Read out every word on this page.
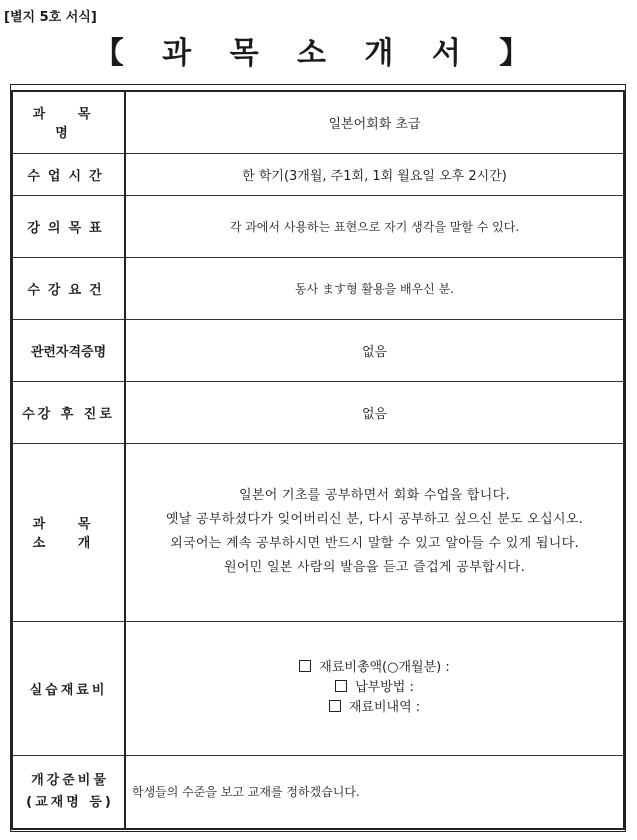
[별지 5호 서식]
【 과 목 소 개 서 】
과 목 명	일본어회화 초급
수업시간	한 학기(3개월, 주1회, 1회 월요일 오후 2시간)
강의목표	각 과에서 사용하는 표현으로 자기 생각을 말할 수 있다.
수강요건	동사 ます형 활용을 배우신 분.
관련자격증명	없음
수강 후 진로	없음
과 목 소 개	일본어 기초를 공부하면서 회화 수업을 합니다.
옛날 공부하셨다가 잊어버리신 분, 다시 공부하고 싶으신 분도 오십시오.
외국어는 계속 공부하시면 반드시 말할 수 있고 알아들 수 있게 됩니다.
원어민 일본 사람의 발음을 듣고 즐겁게 공부합시다.

실습재료비	재료비총액(○개월분) :
납부방법 :
재료비내역 :

개강준비물
(교재명 등)	학생들의 수준을 보고 교재를 정하겠습니다.
